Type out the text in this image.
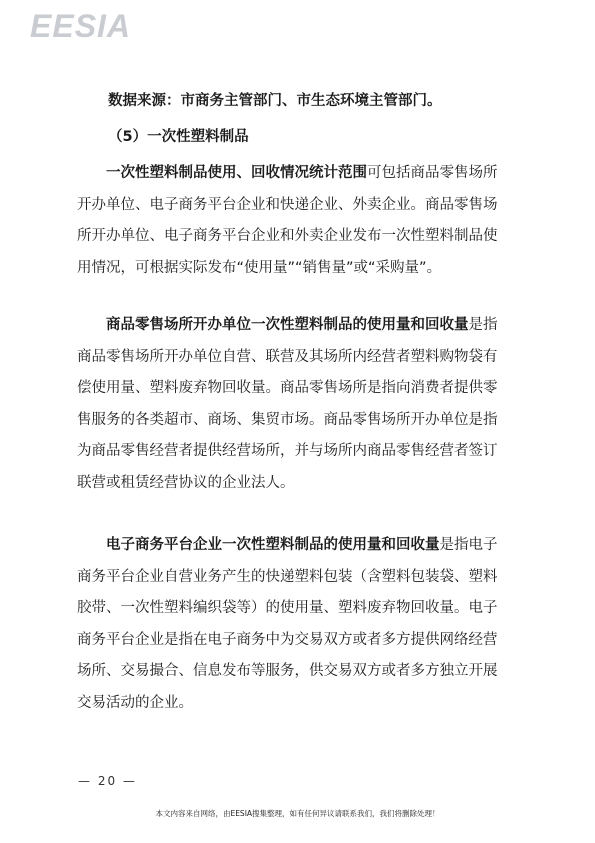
EESIA

数据来源：市商务主管部门、市生态环境主管部门。

（5）一次性塑料制品

一次性塑料制品使用、回收情况统计范围可包括商品零售场所
开办单位、电子商务平台企业和快递企业、外卖企业。商品零售场
所开办单位、电子商务平台企业和外卖企业发布一次性塑料制品使
用情况，可根据实际发布“使用量”“销售量”或“采购量”。
商品零售场所开办单位一次性塑料制品的使用量和回收量是指
商品零售场所开办单位自营、联营及其场所内经营者塑料购物袋有
偿使用量、塑料废弃物回收量。商品零售场所是指向消费者提供零
售服务的各类超市、商场、集贸市场。商品零售场所开办单位是指
为商品零售经营者提供经营场所，并与场所内商品零售经营者签订
联营或租赁经营协议的企业法人。
电子商务平台企业一次性塑料制品的使用量和回收量是指电子
商务平台企业自营业务产生的快递塑料包装（含塑料包装袋、塑料
胶带、一次性塑料编织袋等）的使用量、塑料废弃物回收量。电子
商务平台企业是指在电子商务中为交易双方或者多方提供网络经营
场所、交易撮合、信息发布等服务，供交易双方或者多方独立开展
交易活动的企业。
— 20 —
本文内容来自网络，由EESIA搜集整理，如有任何异议请联系我们，我们将删除处理！
